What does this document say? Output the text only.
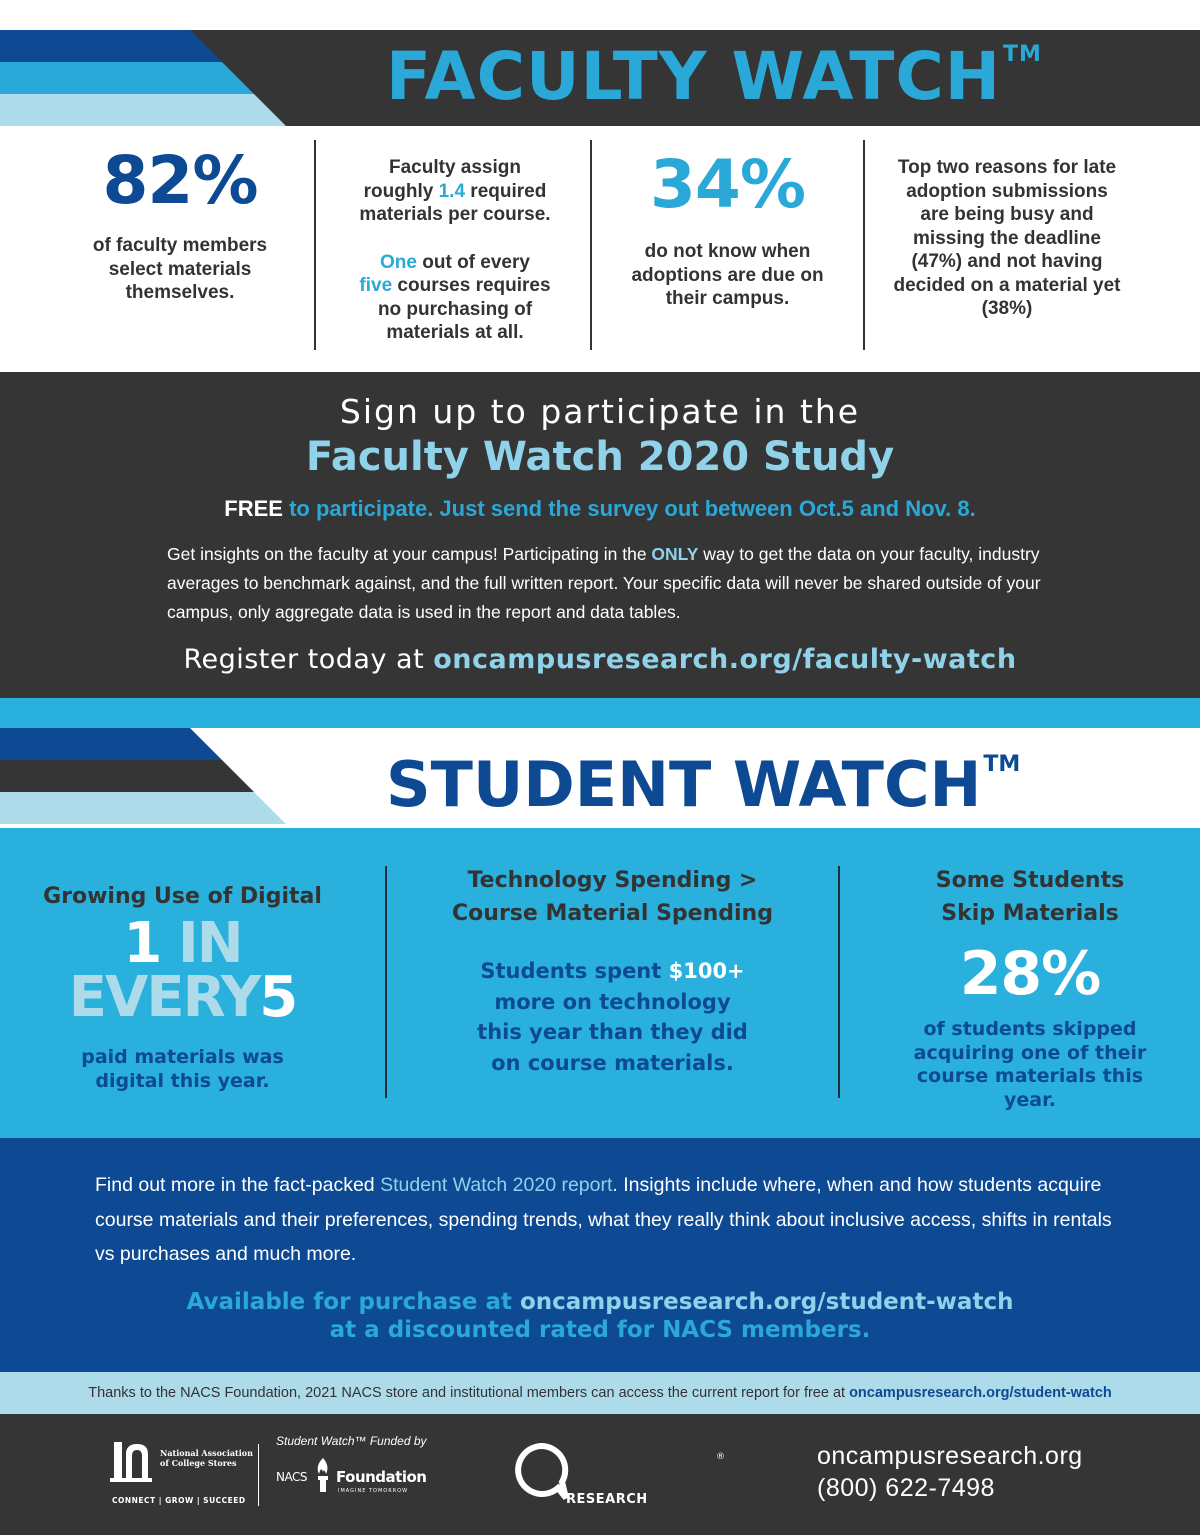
FACULTY WATCH™
82%

of faculty members select materials themselves.

Faculty assign
roughly 1.4 required
materials per course.

One out of every
five courses requires
no purchasing of
materials at all.

34%

do not know when adoptions are due on their campus.

Top two reasons for late adoption submissions are being busy and missing the deadline (47%) and not having decided on a material yet (38%)

Sign up to participate in the
Faculty Watch 2020 Study
FREE to participate. Just send the survey out between Oct.5 and Nov. 8.
Get insights on the faculty at your campus! Participating in the ONLY way to get the data on your faculty, industry averages to benchmark against, and the full written report. Your specific data will never be shared outside of your campus, only aggregate data is used in the report and data tables.
Register today at oncampusresearch.org/faculty-watch
STUDENT WATCH™
Growing Use of Digital
1 IN
EVERY5
paid materials was digital this year.
Technology Spending >
Course Material Spending
Students spent $100+
more on technology
this year than they did
on course materials.
Some Students
Skip Materials
28%
of students skipped acquiring one of their course materials this year.
Find out more in the fact-packed Student Watch 2020 report. Insights include where, when and how students acquire course materials and their preferences, spending trends, what they really think about inclusive access, shifts in rentals vs purchases and much more.
Available for purchase at oncampusresearch.org/student-watch
at a discounted rated for NACS members.
Thanks to the NACS Foundation, 2021 NACS store and institutional members can access the current report for free at oncampusresearch.org/student-watch
National Association
of College Stores
CONNECT | GROW | SUCCEED
Student Watch™ Funded by
NACS Foundation
IMAGINE TOMORROW
RESEARCH
®	oncampusresearch.org
(800) 622-7498
